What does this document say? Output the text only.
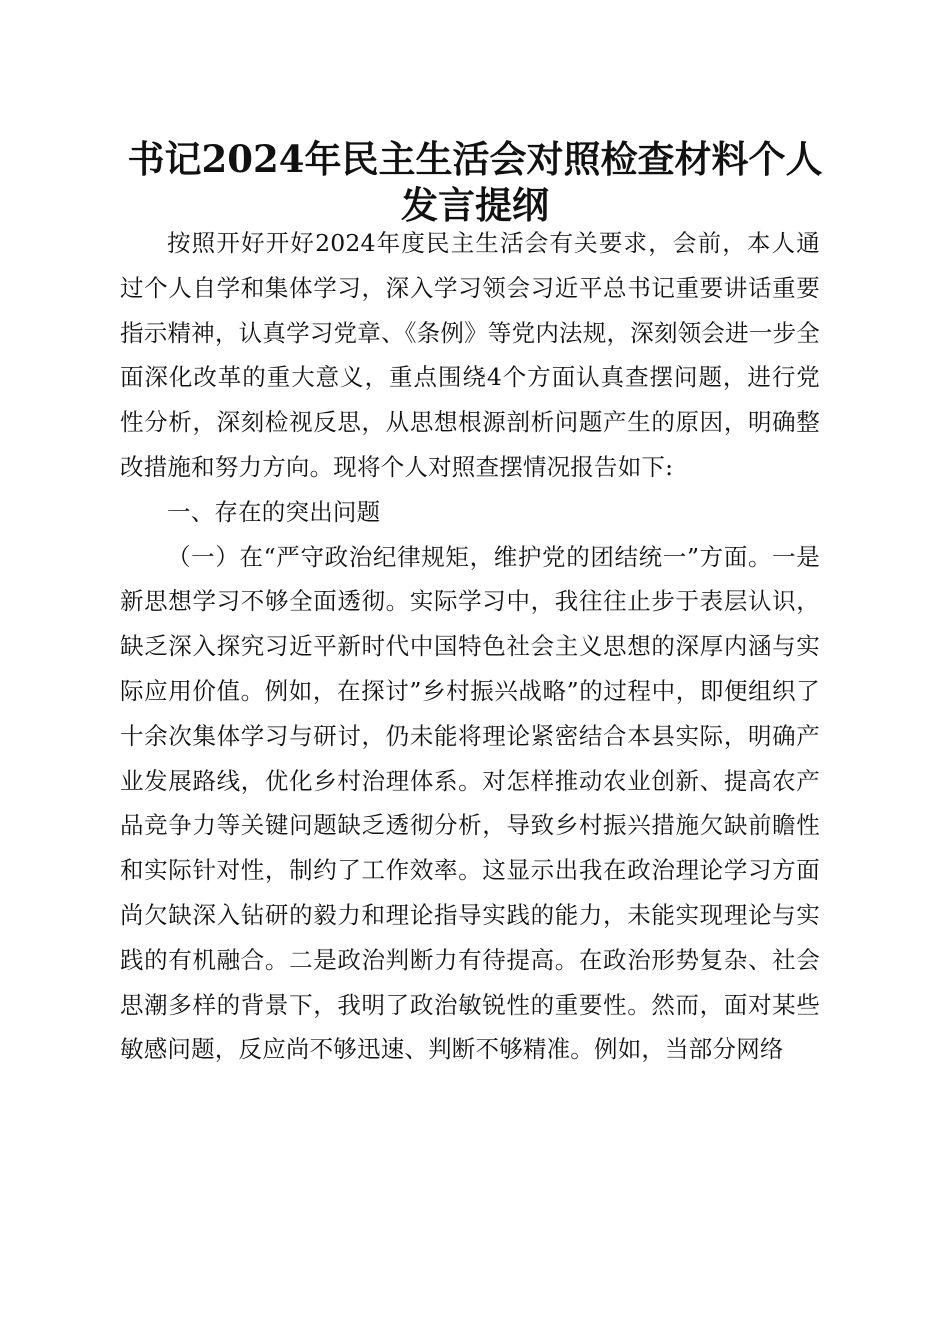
书记2024年民主生活会对照检查材料个人发言提纲

按照开好开好2024年度民主生活会有关要求，会前，本人通过个人自学和集体学习，深入学习领会习近平总书记重要讲话重要指示精神，认真学习党章、《条例》等党内法规，深刻领会进一步全面深化改革的重大意义，重点围绕4个方面认真查摆问题，进行党性分析，深刻检视反思，从思想根源剖析问题产生的原因，明确整改措施和努力方向。现将个人对照查摆情况报告如下:

一、存在的突出问题

（一）在“严守政治纪律规矩，维护党的团结统一”方面。一是新思想学习不够全面透彻。实际学习中，我往往止步于表层认识，缺乏深入探究习近平新时代中国特色社会主义思想的深厚内涵与实际应用价值。例如，在探讨”乡村振兴战略”的过程中，即便组织了十余次集体学习与研讨，仍未能将理论紧密结合本县实际，明确产业发展路线，优化乡村治理体系。对怎样推动农业创新、提高农产品竞争力等关键问题缺乏透彻分析，导致乡村振兴措施欠缺前瞻性和实际针对性，制约了工作效率。这显示出我在政治理论学习方面尚欠缺深入钻研的毅力和理论指导实践的能力，未能实现理论与实践的有机融合。二是政治判断力有待提高。在政治形势复杂、社会思潮多样的背景下，我明了政治敏锐性的重要性。然而，面对某些敏感问题，反应尚不够迅速、判断不够精准。例如，当部分网络
